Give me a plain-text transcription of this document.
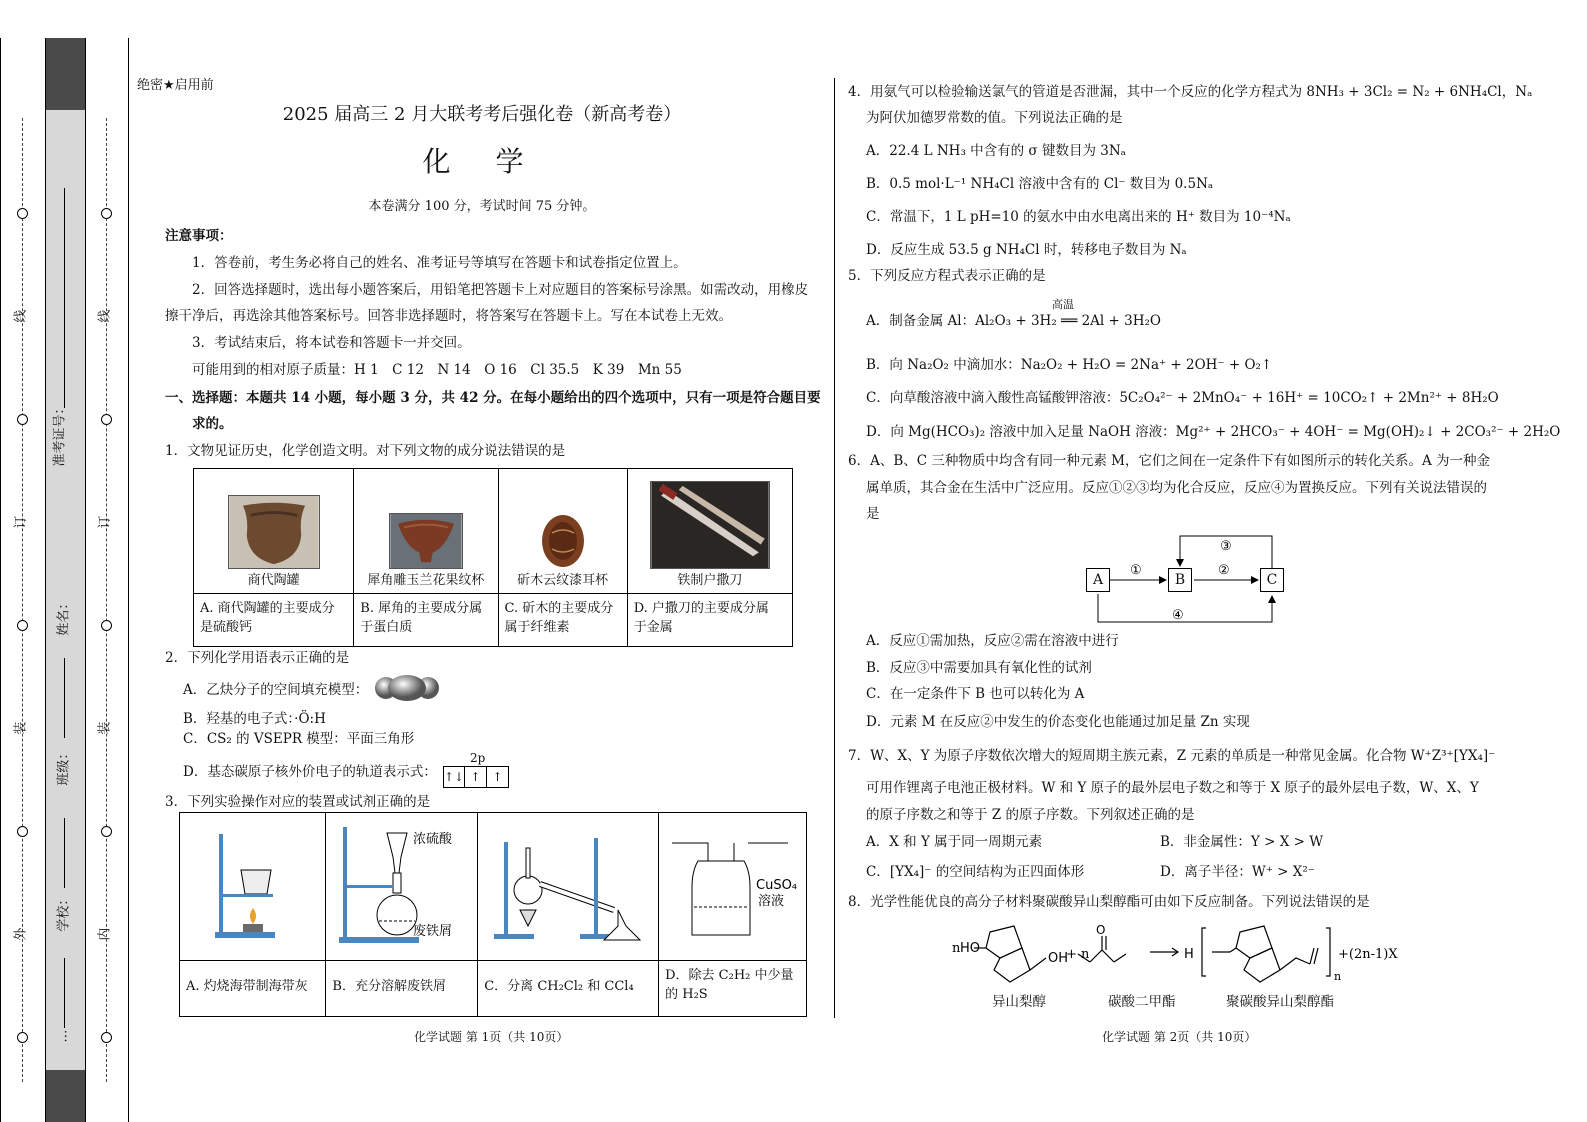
线
订
装
外
线
订
装
内
准考证号：
姓名：
班级：
学校：
…
绝密★启用前
2025 届高三 2 月大联考考后强化卷（新高考卷）
化 学
本卷满分 100 分，考试时间 75 分钟。
注意事项：
1．答卷前，考生务必将自己的姓名、准考证号等填写在答题卡和试卷指定位置上。
2．回答选择题时，选出每小题答案后，用铅笔把答题卡上对应题目的答案标号涂黑。如需改动，用橡皮
擦干净后，再选涂其他答案标号。回答非选择题时，将答案写在答题卡上。写在本试卷上无效。
3．考试结束后，将本试卷和答题卡一并交回。
可能用到的相对原子质量：H 1　C 12　N 14　O 16　Cl 35.5　K 39　Mn 55
一、选择题：本题共 14 小题，每小题 3 分，共 42 分。在每小题给出的四个选项中，只有一项是符合题目要
求的。
1．文物见证历史，化学创造文明。对下列文物的成分说法错误的是
商代陶罐	犀角雕玉兰花果纹杯	斫木云纹漆耳杯	铁制户撒刀

A. 商代陶罐的主要成分
是硫酸钙	B. 犀角的主要成分属
于蛋白质	C. 斫木的主要成分
属于纤维素	D. 户撒刀的主要成分属
于金属
2．下列化学用语表示正确的是
A．乙炔分子的空间填充模型：
B．羟基的电子式：·Ö:H
C．CS₂ 的 VSEPR 模型：平面三角形
D．基态碳原子核外价电子的轨道表示式：
2p
↑↓ ↑ ↑
3．下列实验操作对应的装置或试剂正确的是

浓硫酸
废铁屑		CuSO₄
溶液

A. 灼烧海带制海带灰	B．充分溶解废铁屑	C．分离 CH₂Cl₂ 和 CCl₄	D．除去 C₂H₂ 中少量
的 H₂S
化学试题 第 1页（共 10页）
4．用氨气可以检验输送氯气的管道是否泄漏，其中一个反应的化学方程式为 8NH₃ + 3Cl₂ = N₂ + 6NH₄Cl，Nₐ
为阿伏加德罗常数的值。下列说法正确的是
A．22.4 L NH₃ 中含有的 σ 键数目为 3Nₐ
B．0.5 mol·L⁻¹ NH₄Cl 溶液中含有的 Cl⁻ 数目为 0.5Nₐ
C．常温下，1 L pH=10 的氨水中由水电离出来的 H⁺ 数目为 10⁻⁴Nₐ
D．反应生成 53.5 g NH₄Cl 时，转移电子数目为 Nₐ
5．下列反应方程式表示正确的是
高温
A．制备金属 Al：Al₂O₃ + 3H₂ ══ 2Al + 3H₂O
B．向 Na₂O₂ 中滴加水：Na₂O₂ + H₂O = 2Na⁺ + 2OH⁻ + O₂↑
C．向草酸溶液中滴入酸性高锰酸钾溶液：5C₂O₄²⁻ + 2MnO₄⁻ + 16H⁺ = 10CO₂↑ + 2Mn²⁺ + 8H₂O
D．向 Mg(HCO₃)₂ 溶液中加入足量 NaOH 溶液：Mg²⁺ + 2HCO₃⁻ + 4OH⁻ = Mg(OH)₂↓ + 2CO₃²⁻ + 2H₂O
6．A、B、C 三种物质中均含有同一种元素 M，它们之间在一定条件下有如图所示的转化关系。A 为一种金
属单质，其合金在生活中广泛应用。反应①②③均为化合反应，反应④为置换反应。下列有关说法错误的
是
①	②
③
④
A	B	C
A．反应①需加热，反应②需在溶液中进行
B．反应③中需要加具有氧化性的试剂
C．在一定条件下 B 也可以转化为 A
D．元素 M 在反应②中发生的价态变化也能通过加足量 Zn 实现
7．W、X、Y 为原子序数依次增大的短周期主族元素，Z 元素的单质是一种常见金属。化合物 W⁺Z³⁺[YX₄]⁻
可用作锂离子电池正极材料。W 和 Y 原子的最外层电子数之和等于 X 原子的最外层电子数，W、X、Y
的原子序数之和等于 Z 的原子序数。下列叙述正确的是
A．X 和 Y 属于同一周期元素	B．非金属性：Y > X > W
C．[YX₄]⁻ 的空间结构为正四面体形	D．离子半径：W⁺ > X²⁻
8．光学性能优良的高分子材料聚碳酸异山梨醇酯可由如下反应制备。下列说法错误的是
n HO
OH
+ n
O
H
n
+(2n-1)X
异山梨醇	碳酸二甲酯	聚碳酸异山梨醇酯
化学试题 第 2页（共 10页）
